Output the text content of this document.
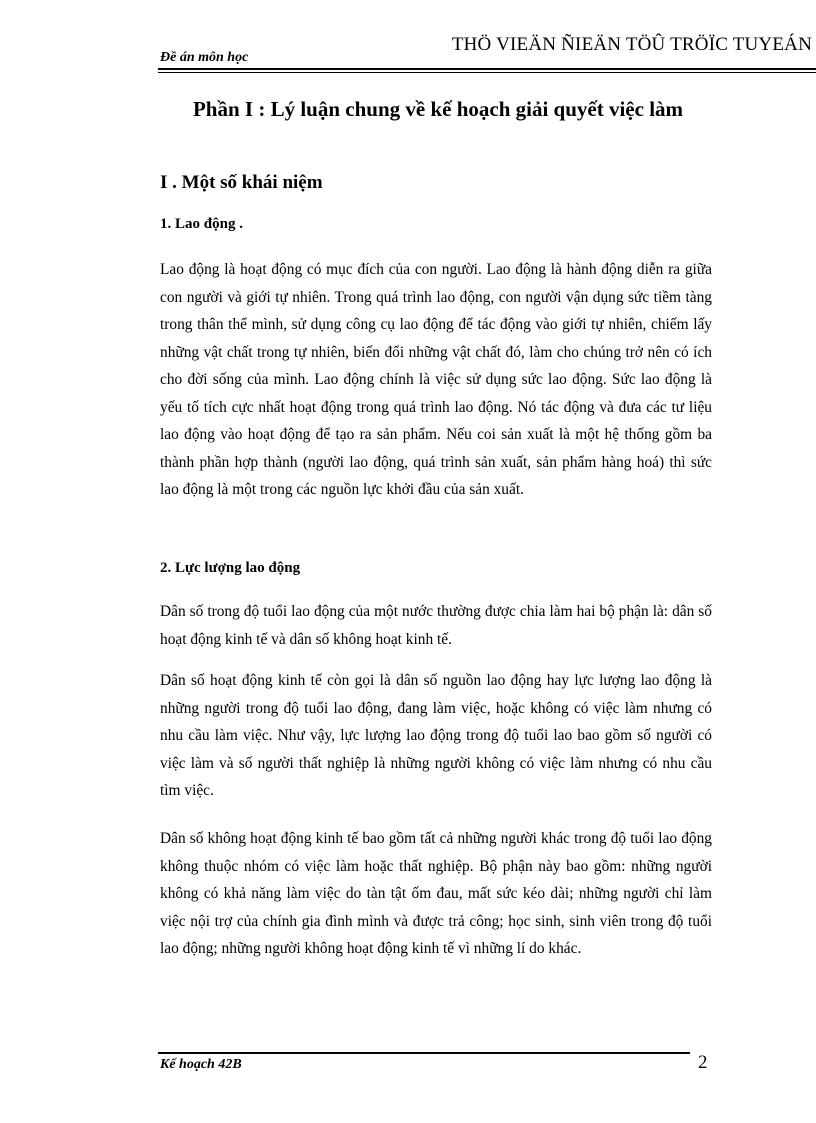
THÖ VIEÄN ÑIEÄN TÖÛ TRÖÏC TUYEÁN
Đề án môn học
Phần I : Lý luận chung về kế hoạch giải quyết việc làm
I . Một số khái niệm
1. Lao động .

Lao động là hoạt động có mục đích của con người. Lao động là hành động diễn ra giữa con người và giới tự nhiên. Trong quá trình lao động, con người vận dụng sức tiềm tàng trong thân thể mình, sử dụng công cụ lao động để tác động vào giới tự nhiên, chiếm lấy những vật chất trong tự nhiên, biến đổi những vật chất đó, làm cho chúng trở nên có ích cho đời sống của mình. Lao động chính là việc sử dụng sức lao động. Sức lao động là yếu tố tích cực nhất hoạt động trong quá trình lao động. Nó tác động và đưa các tư liệu lao động vào hoạt động để tạo ra sản phẩm. Nếu coi sản xuất là một hệ thống gồm ba thành phần hợp thành (người lao động, quá trình sản xuất, sản phẩm hàng hoá) thì sức lao động là một trong các nguồn lực khởi đầu của sản xuất.

2. Lực lượng lao động

Dân số trong độ tuổi lao động của một nước thường được chia làm hai bộ phận là: dân số hoạt động kinh tế và dân số không hoạt kinh tế.

Dân số hoạt động kinh tế còn gọi là dân số nguồn lao động hay lực lượng lao động là những người trong độ tuổi lao động, đang làm việc, hoặc không có việc làm nhưng có nhu cầu làm việc. Như vậy, lực lượng lao động trong độ tuổi lao bao gồm số người có việc làm và số người thất nghiệp là những người không có việc làm nhưng có nhu cầu tìm việc.

Dân số không hoạt động kinh tế bao gồm tất cả những người khác trong độ tuổi lao động không thuộc nhóm có việc làm hoặc thất nghiệp. Bộ phận này bao gồm: những người không có khả năng làm việc do tàn tật ốm đau, mất sức kéo dài; những người chỉ làm việc nội trợ của chính gia đình mình và được trả công; học sinh, sinh viên trong độ tuổi lao động; những người không hoạt động kinh tế vì những lí do khác.

Kế hoạch 42B	2
